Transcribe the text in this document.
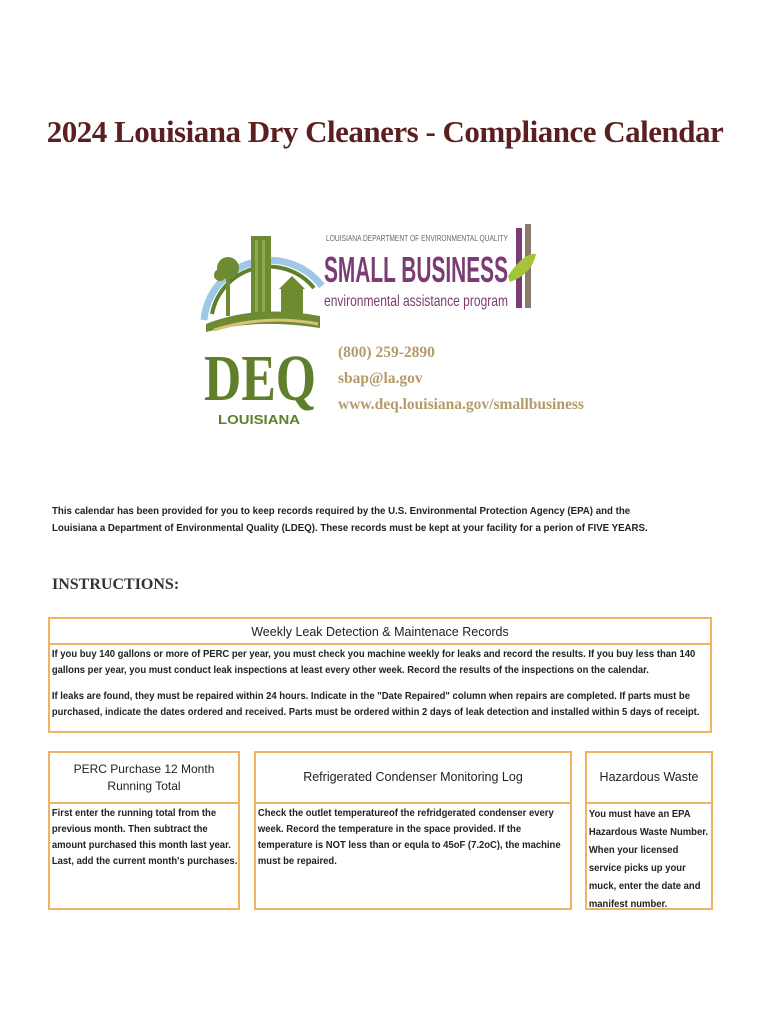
2024 Louisiana Dry Cleaners - Compliance Calendar
DEQ
LOUISIANA
LOUISIANA DEPARTMENT OF ENVIRONMENTAL QUALITY
SMALL BUSINESS
environmental assistance program
(800) 259-2890
sbap@la.gov
www.deq.louisiana.gov/smallbusiness
This calendar has been provided for you to keep records required by the U.S. Environmental Protection Agency (EPA) and the Louisiana a Department of Environmental Quality (LDEQ). These records must be kept at your facility for a perion of FIVE YEARS.
INSTRUCTIONS:
Weekly Leak Detection & Maintenace Records
If you buy 140 gallons or more of PERC per year, you must check you machine weekly for leaks and record the results. If you buy less than 140 gallons per year, you must conduct leak inspections at least every other week. Record the results of the inspections on the calendar.
If leaks are found, they must be repaired within 24 hours. Indicate in the "Date Repaired" column when repairs are completed. If parts must be purchased, indicate the dates ordered and received. Parts must be ordered within 2 days of leak detection and installed within 5 days of receipt.
PERC Purchase 12 Month Running Total
First enter the running total from the previous month. Then subtract the amount purchased this month last year. Last, add the current month's purchases.
Refrigerated Condenser Monitoring Log
Check the outlet temperatureof the refridgerated condenser every week. Record the temperature in the space provided. If the temperature is NOT less than or equla to 45oF (7.2oC), the machine must be repaired.
Hazardous Waste
You must have an EPA Hazardous Waste Number. When your licensed service picks up your muck, enter the date and manifest number.
